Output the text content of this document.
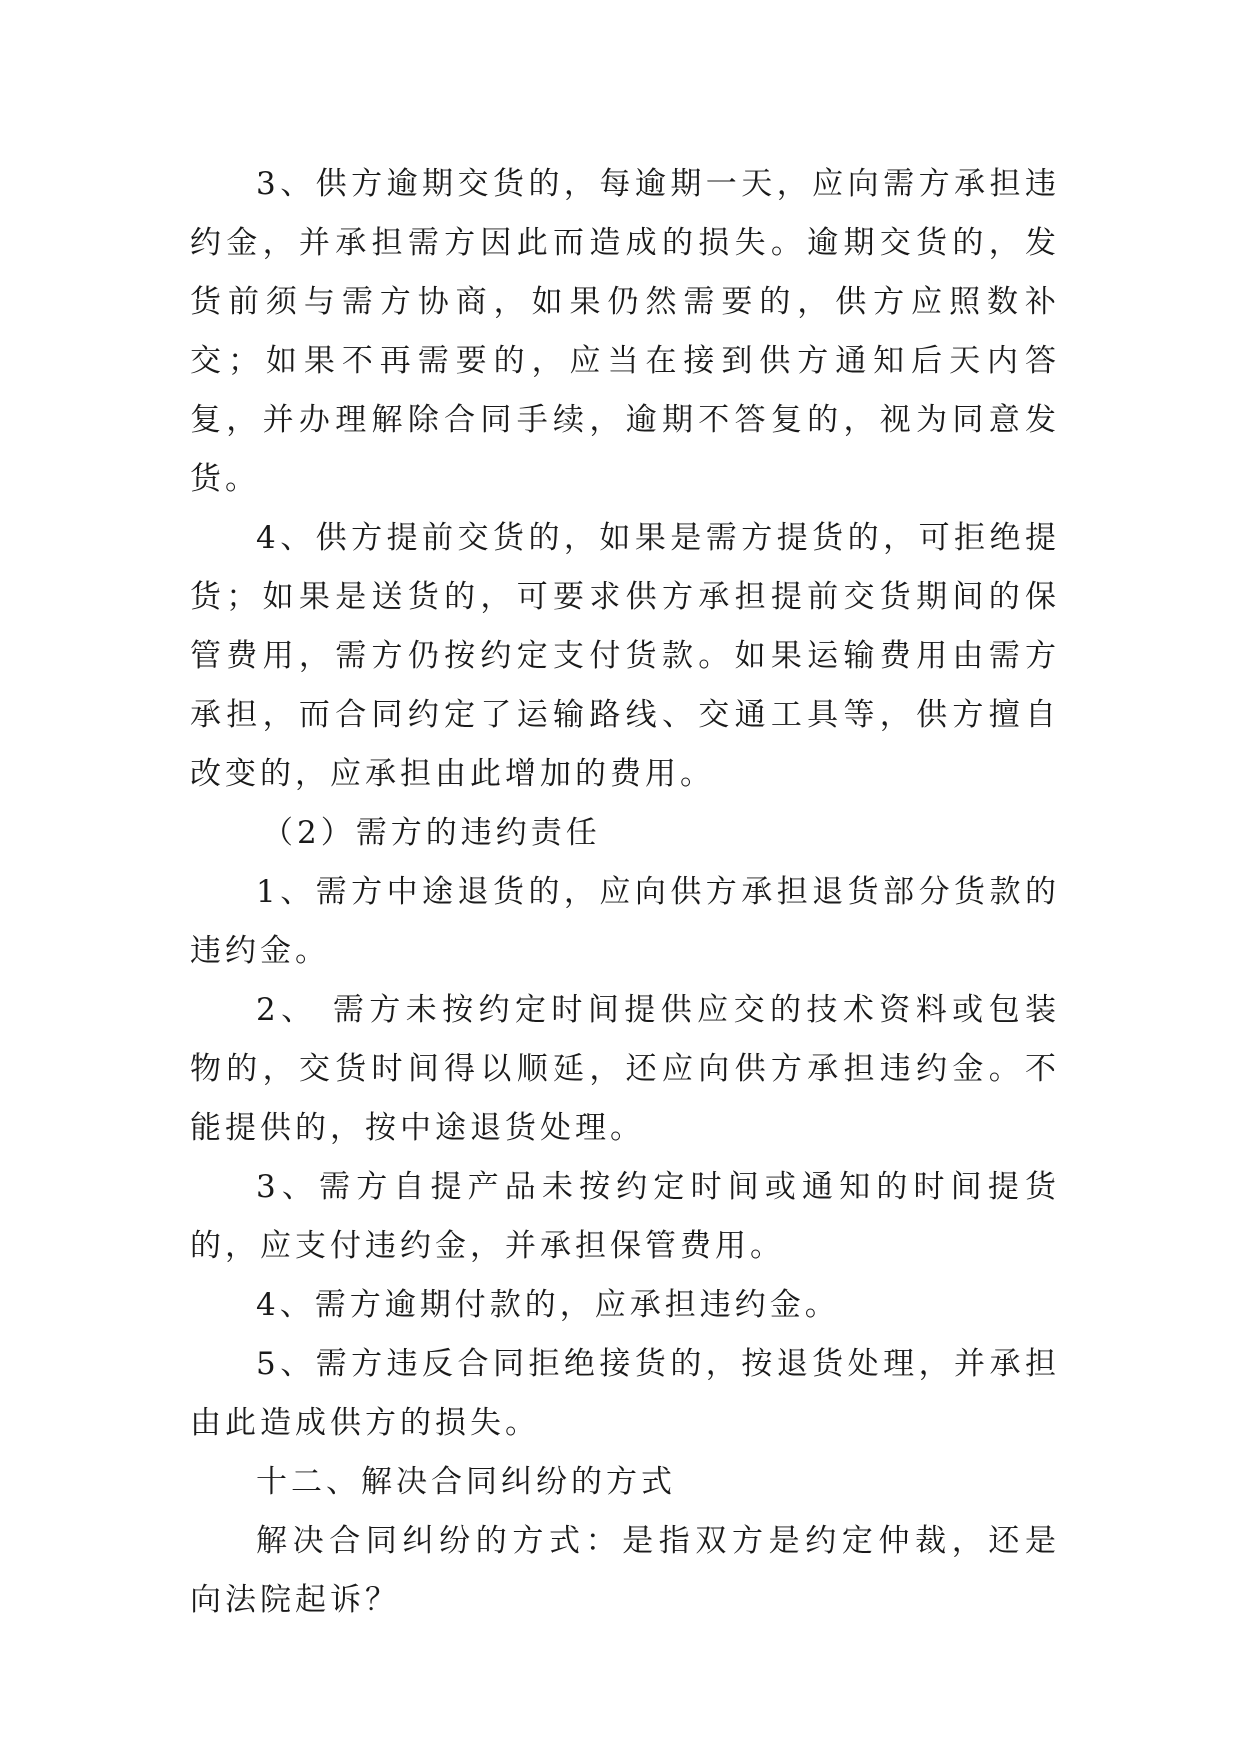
3、供方逾期交货的，每逾期一天，应向需方承担违约金，并承担需方因此而造成的损失。逾期交货的，发货前须与需方协商，如果仍然需要的，供方应照数补交；如果不再需要的，应当在接到供方通知后天内答复，并办理解除合同手续，逾期不答复的，视为同意发货。

4、供方提前交货的，如果是需方提货的，可拒绝提货；如果是送货的，可要求供方承担提前交货期间的保管费用，需方仍按约定支付货款。如果运输费用由需方承担，而合同约定了运输路线、交通工具等，供方擅自改变的，应承担由此增加的费用。

（2）需方的违约责任

1、需方中途退货的，应向供方承担退货部分货款的违约金。

2、 需方未按约定时间提供应交的技术资料或包装物的，交货时间得以顺延，还应向供方承担违约金。不能提供的，按中途退货处理。

3、需方自提产品未按约定时间或通知的时间提货的，应支付违约金，并承担保管费用。

4、需方逾期付款的，应承担违约金。

5、需方违反合同拒绝接货的，按退货处理，并承担由此造成供方的损失。

十二、解决合同纠纷的方式

解决合同纠纷的方式：是指双方是约定仲裁，还是向法院起诉？
